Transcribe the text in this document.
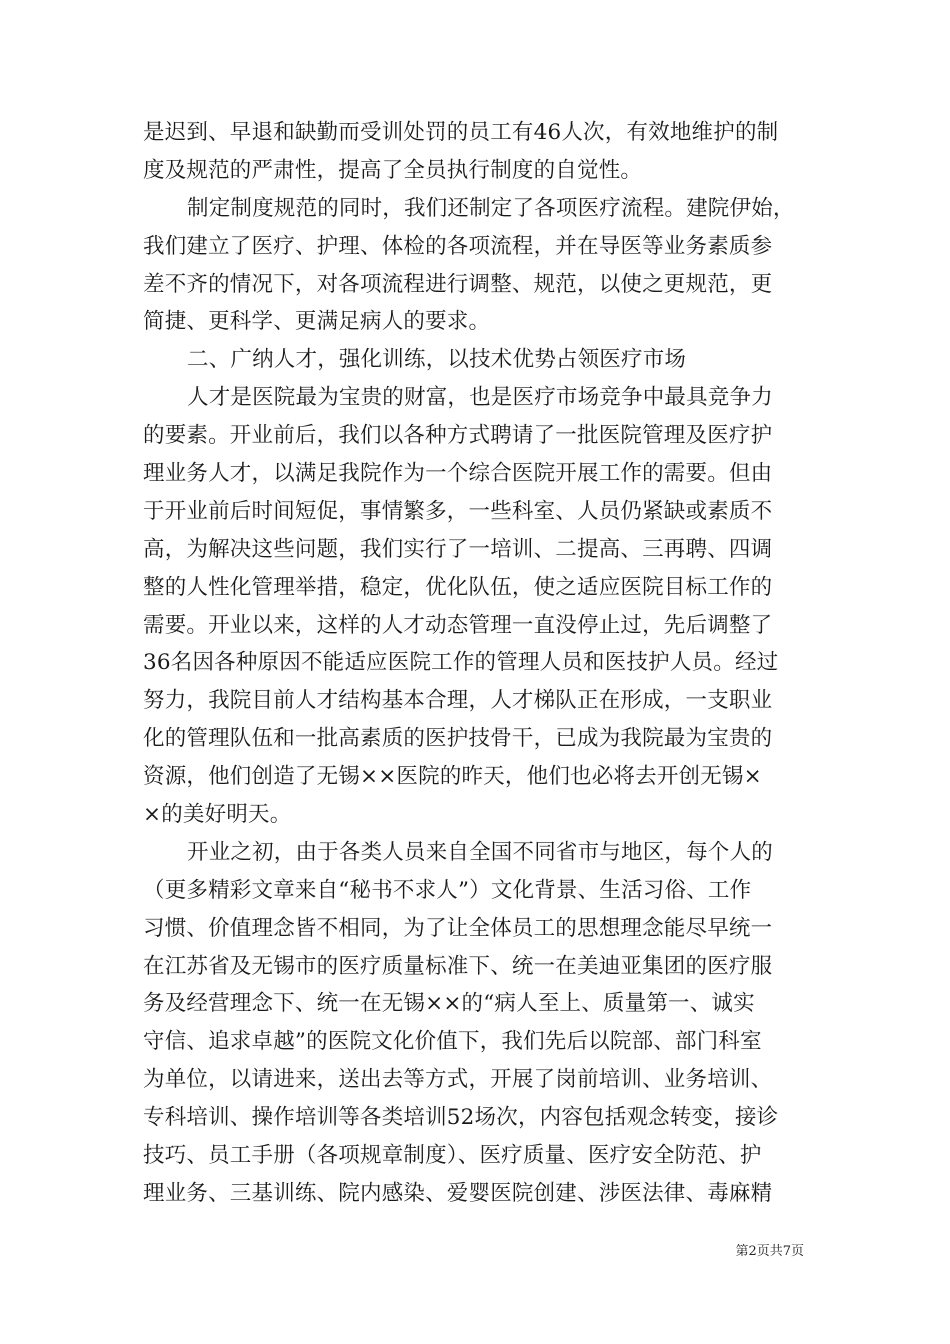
是迟到、早退和缺勤而受训处罚的员工有46人次，有效地维护的制
度及规范的严肃性，提高了全员执行制度的自觉性。
制定制度规范的同时，我们还制定了各项医疗流程。建院伊始，
我们建立了医疗、护理、体检的各项流程，并在导医等业务素质参
差不齐的情况下，对各项流程进行调整、规范，以使之更规范，更
简捷、更科学、更满足病人的要求。
二、广纳人才，强化训练，以技术优势占领医疗市场
人才是医院最为宝贵的财富，也是医疗市场竞争中最具竞争力
的要素。开业前后，我们以各种方式聘请了一批医院管理及医疗护
理业务人才，以满足我院作为一个综合医院开展工作的需要。但由
于开业前后时间短促，事情繁多，一些科室、人员仍紧缺或素质不
高，为解决这些问题，我们实行了一培训、二提高、三再聘、四调
整的人性化管理举措，稳定，优化队伍，使之适应医院目标工作的
需要。开业以来，这样的人才动态管理一直没停止过，先后调整了
36名因各种原因不能适应医院工作的管理人员和医技护人员。经过
努力，我院目前人才结构基本合理，人才梯队正在形成，一支职业
化的管理队伍和一批高素质的医护技骨干，已成为我院最为宝贵的
资源，他们创造了无锡××医院的昨天，他们也必将去开创无锡×
×的美好明天。
开业之初，由于各类人员来自全国不同省市与地区，每个人的
（更多精彩文章来自“秘书不求人”）文化背景、生活习俗、工作
习惯、价值理念皆不相同，为了让全体员工的思想理念能尽早统一
在江苏省及无锡市的医疗质量标准下、统一在美迪亚集团的医疗服
务及经营理念下、统一在无锡××的“病人至上、质量第一、诚实
守信、追求卓越”的医院文化价值下，我们先后以院部、部门科室
为单位，以请进来，送出去等方式，开展了岗前培训、业务培训、
专科培训、操作培训等各类培训52场次，内容包括观念转变，接诊
技巧、员工手册（各项规章制度）、医疗质量、医疗安全防范、护
理业务、三基训练、院内感染、爱婴医院创建、涉医法律、毒麻精
第2页共7页
